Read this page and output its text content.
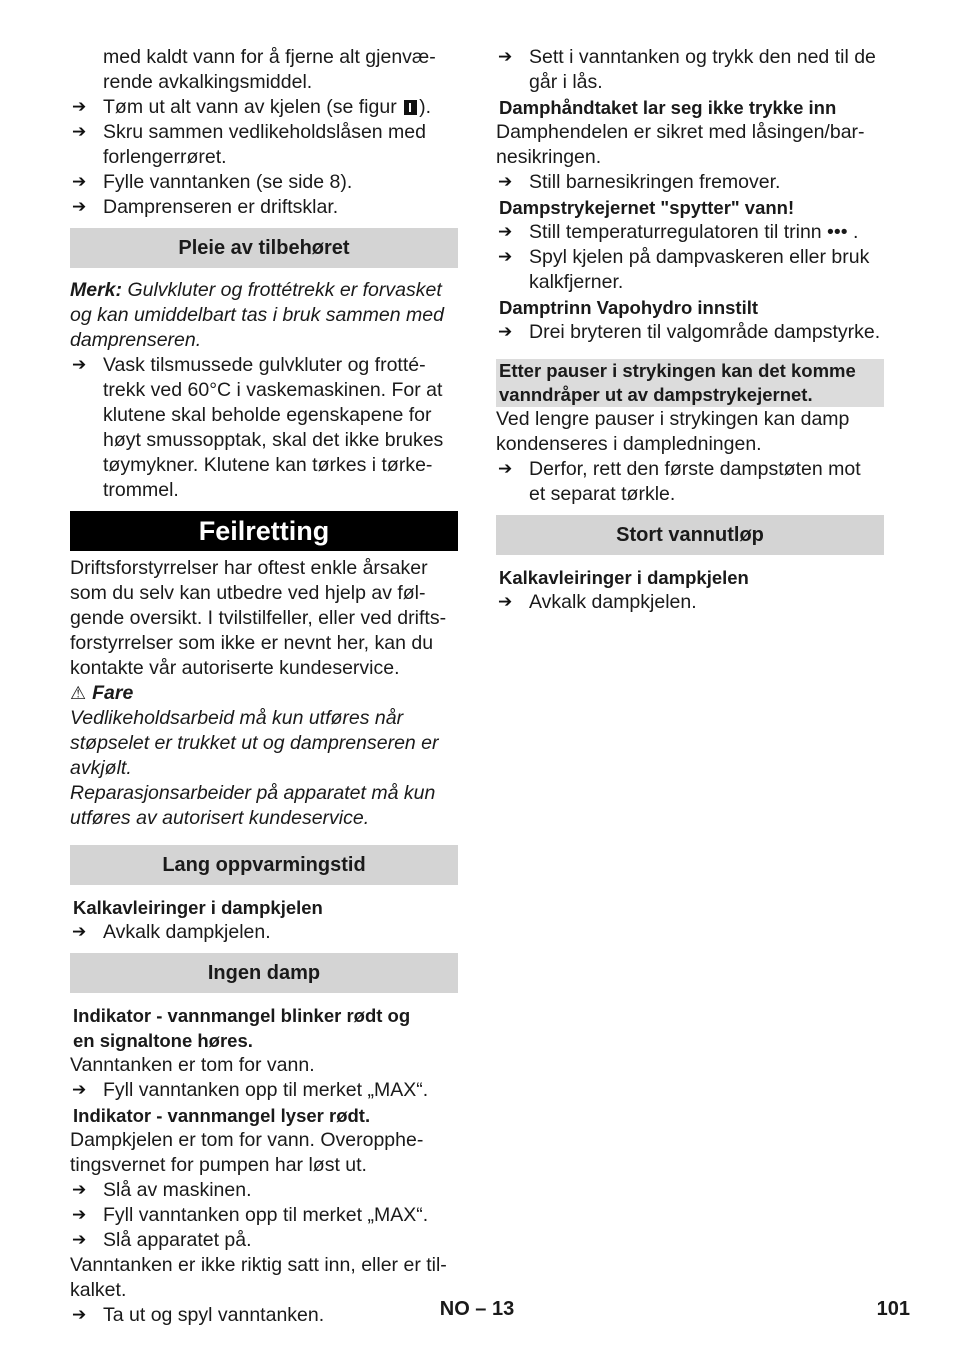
med kaldt vann for å fjerne alt gjenvæ-
rende avkalkingsmiddel.

➔ Tøm ut alt vann av kjelen (se figur ).

➔ Skru sammen vedlikeholdslåsen med
forlengerrøret.

➔ Fylle vanntanken (se side 8).

➔ Damprenseren er driftsklar.

Pleie av tilbehøret

Merk: Gulvkluter og frottétrekk er forvasket
og kan umiddelbart tas i bruk sammen med
damprenseren.

➔ Vask tilsmussede gulvkluter og frotté-
trekk ved 60°C i vaskemaskinen. For at
klutene skal beholde egenskapene for
høyt smussopptak, skal det ikke brukes
tøymykner. Klutene kan tørkes i tørke-
trommel.

Feilretting

Driftsforstyrrelser har oftest enkle årsaker
som du selv kan utbedre ved hjelp av føl-
gende oversikt. I tvilstilfeller, eller ved drifts-
forstyrrelser som ikke er nevnt her, kan du
kontakte vår autoriserte kundeservice.

⚠ Fare

Vedlikeholdsarbeid må kun utføres når
støpselet er trukket ut og damprenseren er
avkjølt.

Reparasjonsarbeider på apparatet må kun
utføres av autorisert kundeservice.

Lang oppvarmingstid

Kalkavleiringer i dampkjelen

➔ Avkalk dampkjelen.

Ingen damp

Indikator - vannmangel blinker rødt og
en signaltone høres.

Vanntanken er tom for vann.

➔ Fyll vanntanken opp til merket „MAX“.

Indikator - vannmangel lyser rødt.

Dampkjelen er tom for vann. Overopphe-
tingsvernet for pumpen har løst ut.

➔ Slå av maskinen.

➔ Fyll vanntanken opp til merket „MAX“.

➔ Slå apparatet på.

Vanntanken er ikke riktig satt inn, eller er til-
kalket.

➔ Ta ut og spyl vanntanken.

➔ Sett i vanntanken og trykk den ned til de
går i lås.

Damphåndtaket lar seg ikke trykke inn

Damphendelen er sikret med låsingen/bar-
nesikringen.

➔ Still barnesikringen fremover.

Dampstrykejernet "spytter" vann!

➔ Still temperaturregulatoren til trinn ••• .

➔ Spyl kjelen på dampvaskeren eller bruk
kalkfjerner.

Damptrinn Vapohydro innstilt

➔ Drei bryteren til valgområde dampstyrke.

Etter pauser i strykingen kan det komme
vanndråper ut av dampstrykejernet.

Ved lengre pauser i strykingen kan damp
kondenseres i dampledningen.

➔ Derfor, rett den første dampstøten mot
et separat tørkle.

Stort vannutløp

Kalkavleiringer i dampkjelen

➔ Avkalk dampkjelen.

NO – 13	101
